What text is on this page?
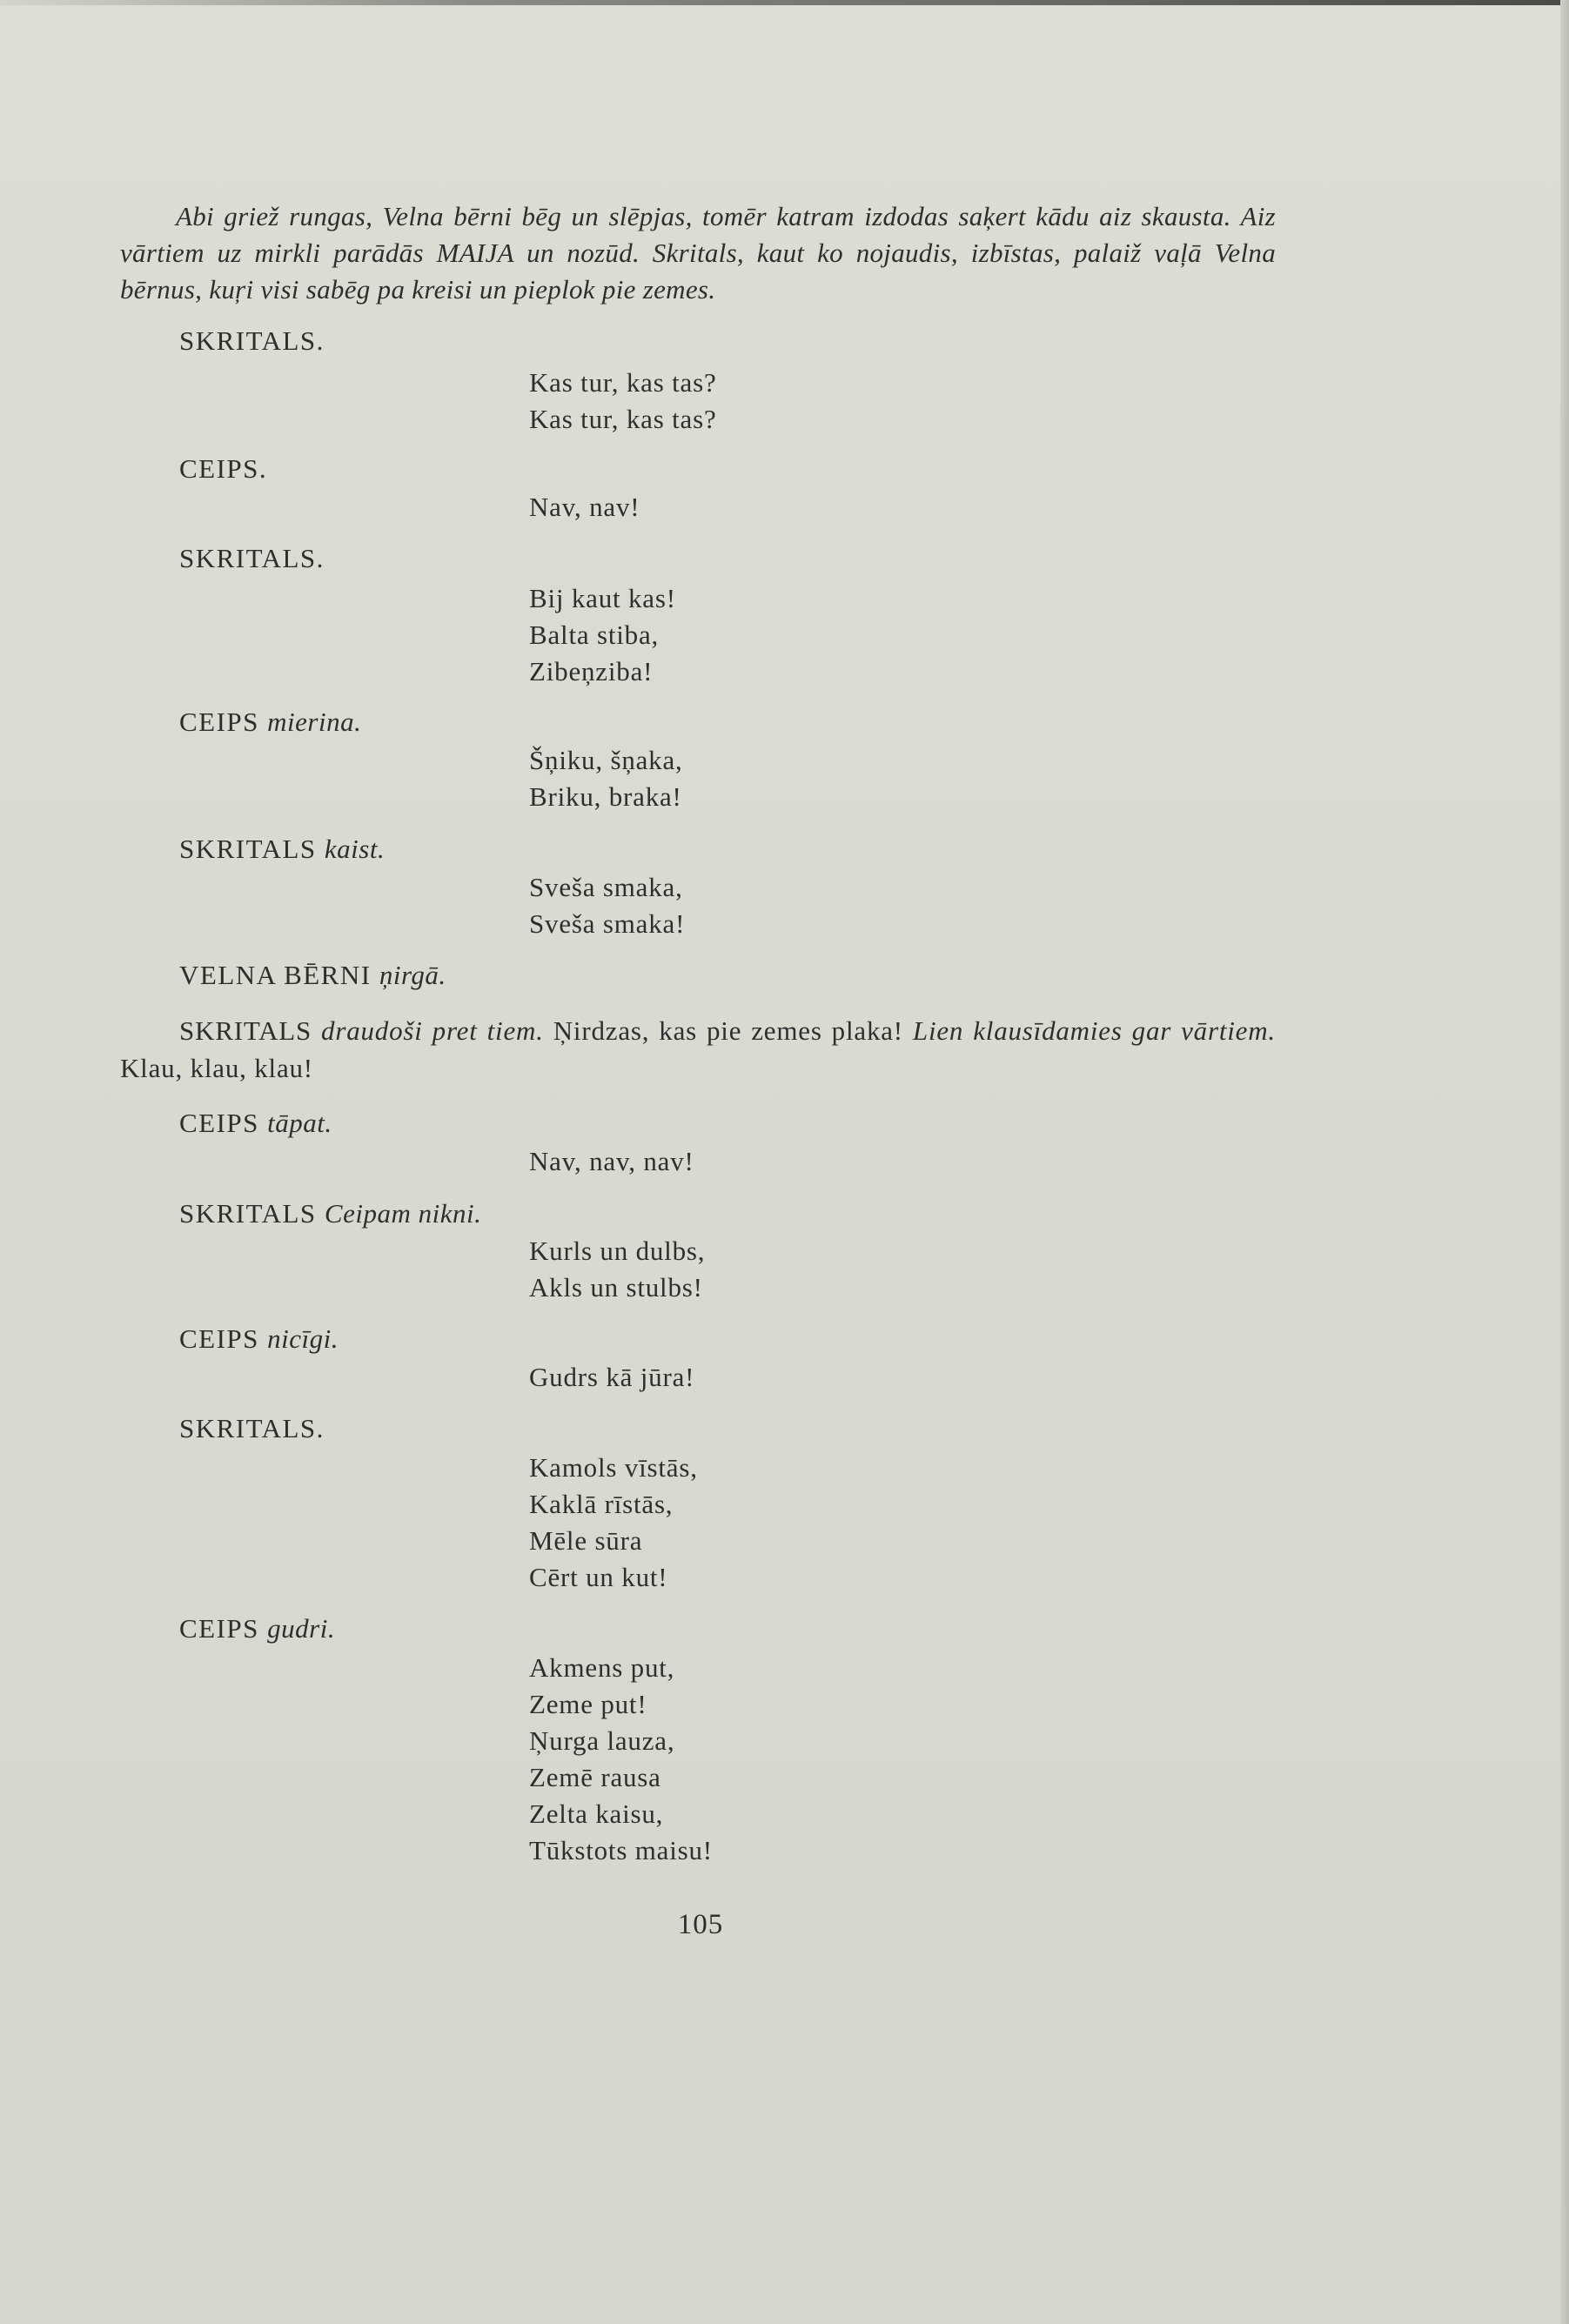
Abi griež rungas, Velna bērni bēg un slēpjas, tomēr katram izdodas saķert kādu aiz skausta. Aiz vārtiem uz mirkli parādās MAIJA un nozūd. Skritals, kaut ko nojaudis, izbīstas, palaiž vaļā Velna bērnus, kuŗi visi sabēg pa kreisi un pieplok pie zemes.
SKRITALS.
Kas tur, kas tas?
Kas tur, kas tas?
CEIPS.
Nav, nav!
SKRITALS.
Bij kaut kas!
Balta stiba,
Zibeņziba!
CEIPS mierina.
Šņiku, šņaka,
Briku, braka!
SKRITALS kaist.
Sveša smaka,
Sveša smaka!
VELNA BĒRNI ņirgā.
SKRITALS draudoši pret tiem. Ņirdzas, kas pie zemes plaka! Lien klausīdamies gar vārtiem. Klau, klau, klau!
CEIPS tāpat.
Nav, nav, nav!
SKRITALS Ceipam nikni.
Kurls un dulbs,
Akls un stulbs!
CEIPS nicīgi.
Gudrs kā jūra!
SKRITALS.
Kamols vīstās,
Kaklā rīstās,
Mēle sūra
Cērt un kut!
CEIPS gudri.
Akmens put,
Zeme put!
Ņurga lauza,
Zemē rausa
Zelta kaisu,
Tūkstots maisu!
105
